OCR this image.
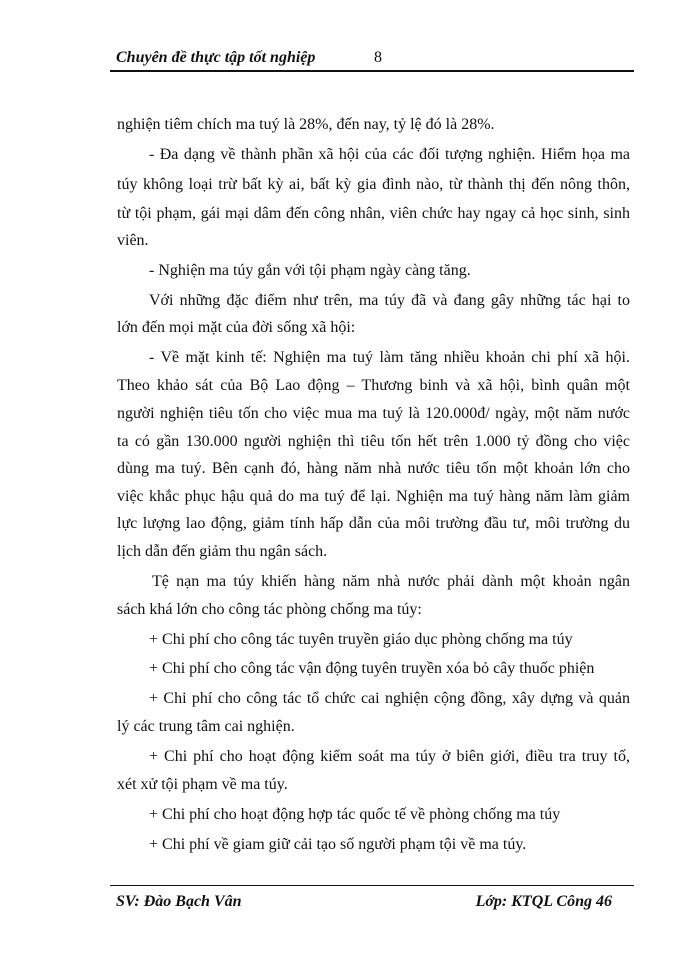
Chuyên đề thực tập tốt nghiệp	8
nghiện tiêm chích ma tuý là 28%, đến nay, tỷ lệ đó là 28%.
- Đa dạng về thành phần xã hội của các đối tượng nghiện. Hiểm họa ma
túy không loại trừ bất kỳ ai, bất kỳ gia đình nào, từ thành thị đến nông thôn,
từ tội phạm, gái mại dâm đến công nhân, viên chức hay ngay cả học sinh, sinh
viên.
- Nghiện ma túy gắn với tội phạm ngày càng tăng.
Với những đặc điểm như trên, ma túy đã và đang gây những tác hại to
lớn đến mọi mặt của đời sống xã hội:
- Về mặt kinh tế: Nghiện ma tuý làm tăng nhiều khoản chi phí xã hội.
Theo khảo sát của Bộ Lao động – Thương binh và xã hội, bình quân một
người nghiện tiêu tốn cho việc mua ma tuý là 120.000đ/ ngày, một năm nước
ta có gần 130.000 người nghiện thì tiêu tốn hết trên 1.000 tỷ đồng cho việc
dùng ma tuý. Bên cạnh đó, hàng năm nhà nước tiêu tốn một khoản lớn cho
việc khắc phục hậu quả do ma tuý để lại. Nghiện ma tuý hàng năm làm giảm
lực lượng lao động, giảm tính hấp dẫn của môi trường đầu tư, môi trường du
lịch dẫn đến giảm thu ngân sách.
Tệ nạn ma túy khiến hàng năm nhà nước phải dành một khoản ngân
sách khá lớn cho công tác phòng chống ma túy:
+ Chi phí cho công tác tuyên truyền giáo dục phòng chống ma túy
+ Chi phí cho công tác vận động tuyên truyền xóa bỏ cây thuốc phiện
+ Chi phí cho công tác tổ chức cai nghiện cộng đồng, xây dựng và quản
lý các trung tâm cai nghiện.
+ Chi phí cho hoạt động kiểm soát ma túy ở biên giới, điều tra truy tố,
xét xử tội phạm về ma túy.
+ Chi phí cho hoạt động hợp tác quốc tế về phòng chống ma túy
+ Chi phí về giam giữ cải tạo số người phạm tội về ma túy.
SV: Đào Bạch Vân	Lớp: KTQL Công 46
